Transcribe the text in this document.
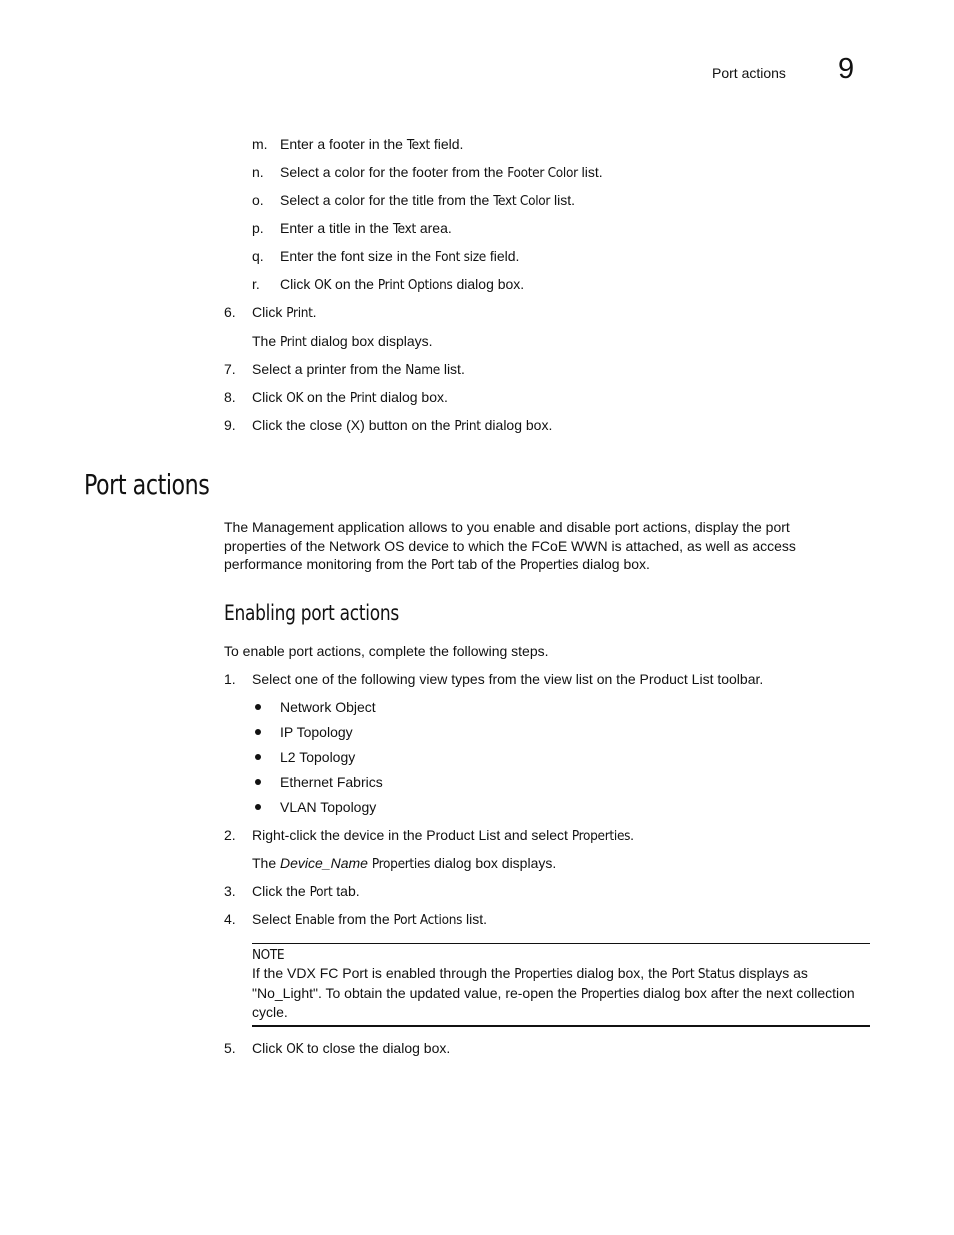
Port actions 9
m. Enter a footer in the Text field.
n. Select a color for the footer from the Footer Color list.
o. Select a color for the title from the Text Color list.
p. Enter a title in the Text area.
q. Enter the font size in the Font size field.
r. Click OK on the Print Options dialog box.
6. Click Print.
The Print dialog box displays.
7. Select a printer from the Name list.
8. Click OK on the Print dialog box.
9. Click the close (X) button on the Print dialog box.
Port actions
The Management application allows to you enable and disable port actions, display the port properties of the Network OS device to which the FCoE WWN is attached, as well as access performance monitoring from the Port tab of the Properties dialog box.
Enabling port actions
To enable port actions, complete the following steps.
1. Select one of the following view types from the view list on the Product List toolbar.
Network Object
IP Topology
L2 Topology
Ethernet Fabrics
VLAN Topology
2. Right-click the device in the Product List and select Properties.
The Device_Name Properties dialog box displays.
3. Click the Port tab.
4. Select Enable from the Port Actions list.
NOTE
If the VDX FC Port is enabled through the Properties dialog box, the Port Status displays as "No_Light". To obtain the updated value, re-open the Properties dialog box after the next collection cycle.
5. Click OK to close the dialog box.
